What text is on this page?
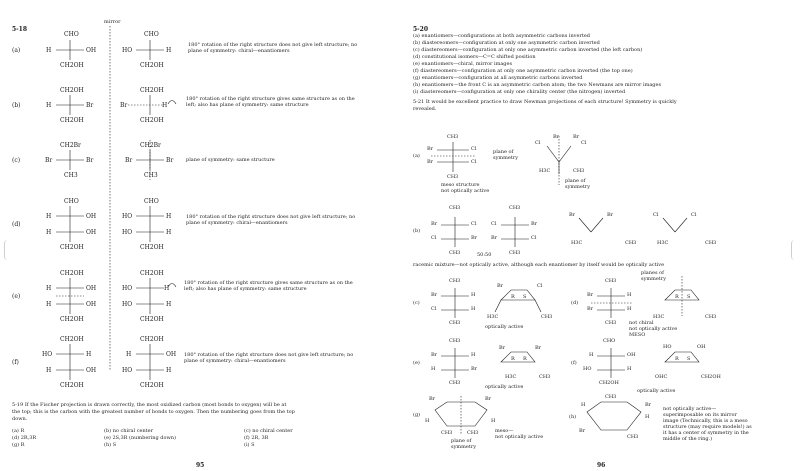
5-18
mirror
(a)
CHO
H	OH
CH2OH
CHO
HO	H
CH2OH
180° rotation of the right structure does not give left structure; no plane of symmetry: chiral—enantiomers
(b)
CH2OH
H	Br
CH2OH
CH2OH
Br	H
CH2OH
180° rotation of the right structure gives same structure as on the left; also has plane of symmetry: same structure
(c)
CH2Br
Br	Br
CH3
CH2Br
Br	Br
CH3
plane of symmetry: same structure
(d)
CHO
H	OH
H	OH
CH2OH
CHO
HO	H
HO	H
CH2OH
180° rotation of the right structure does not give left structure; no plane of symmetry: chiral—enantiomers
(e)
CH2OH
H	OH
H	OH
CH2OH
CH2OH
HO	H
HO	H
CH2OH
180° rotation of the right structure gives same structure as on the left; also has plane of symmetry: same structure
(f)
CH2OH
HO	H
H	OH
CH2OH
CH2OH
H	OH
HO	H
CH2OH
180° rotation of the right structure does not give left structure; no plane of symmetry: chiral—enantiomers
5-19 If the Fischer projection is drawn correctly, the most oxidized carbon (most bonds to oxygen) will be at
the top; this is the carbon with the greatest number of bonds to oxygen. Then the numbering goes from the top
down.
(a) R	(b) no chiral center	(c) no chiral center
(d) 2R,3R	(e) 2S,3R (numbering down)	(f) 2R, 3R
(g) R	(h) S	(i) S
95
5-20
(a) enantiomers—configurations at both asymmetric carbons inverted
(b) diastereomers—configuration at only one asymmetric carbon inverted
(c) diastereomers—configuration at only one asymmetric carbon inverted (the left carbon)
(d) constitutional isomers—C=C shifted position
(e) enantiomers—chiral, mirror images
(f) diastereomers—configuration at only one asymmetric carbon inverted (the top one)
(g) enantiomers—configuration at all asymmetric carbons inverted
(h) enantiomers—the front C is an asymmetric carbon atom; the two Newmans are mirror images
(i) diastereomers—configuration at only one chirality center (the nitrogen) inverted
5-21 It would be excellent practice to draw Newman projections of each structure! Symmetry is quickly
revealed.
(a)
CH3
Br	Cl
Br	Cl
CH3
plane of
symmetry
meso structure
not optically active
Cl
Br	Br
Cl
H3C	CH3
plane of
symmetry
(b)
CH3	CH3
Br	Cl
Cl	Br
Cl	Br
Br	Cl
CH3	CH3
50:50
Br	Br	Cl	Cl
H3C	CH3	H3C	CH3
racemic mixture—not optically active, although each enantiomer by itself would be optically active
(c)
CH3
Br	H
Cl	H
CH3
Br	Cl
R S
H3C	CH3
optically active
(d)
CH3
Br	H
Br	H
CH3
planes of
symmetry
R S
H3C	CH3
not chiral
not optically active
MESO
(e)
CH3
Br	H
H	Br
CH3
Br	Br
R R
H3C	CH3
optically active
(f)
CHO
H	OH
HO	H
CH2OH
HO	OH
R S
OHC	CH2OH
optically active
(g)
Br	Br
H	H
CH3	CH3	meso—
not optically active
plane of
symmetry
(h)
CH3
Br
H
H
Br
CH3
not optically active—
superimposable on its mirror
image (Technically, this is a meso
structure (may require models!) as
it has a center of symmetry in the
middle of the ring.)
96
